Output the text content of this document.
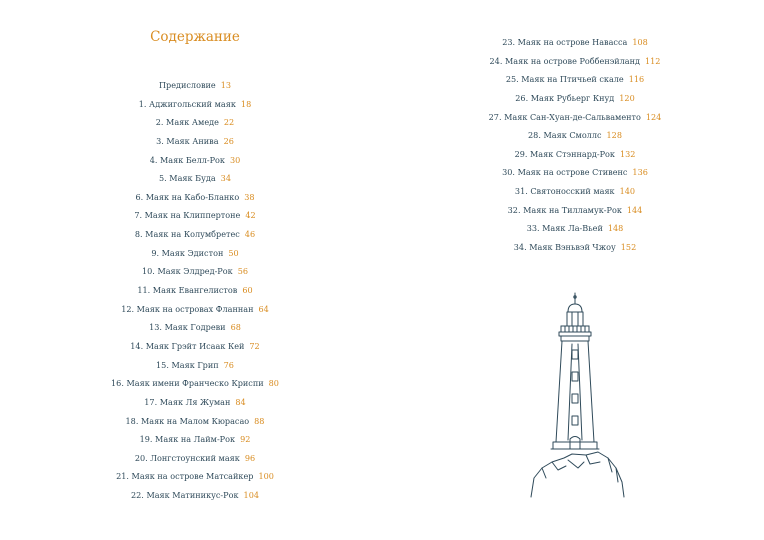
Содержание
Предисловие 13
1. Аджигольский маяк 18
2. Маяк Амеде 22
3. Маяк Анива 26
4. Маяк Белл-Рок 30
5. Маяк Буда 34
6. Маяк на Кабо-Бланко 38
7. Маяк на Клиппертоне 42
8. Маяк на Колумбретес 46
9. Маяк Эдистон 50
10. Маяк Элдред-Рок 56
11. Маяк Евангелистов 60
12. Маяк на островах Фланнан 64
13. Маяк Годреви 68
14. Маяк Грэйт Исаак Кей 72
15. Маяк Грип 76
16. Маяк имени Франческо Криспи 80
17. Маяк Ля Жуман 84
18. Маяк на Малом Кюрасао 88
19. Маяк на Лайм-Рок 92
20. Лонгстоунский маяк 96
21. Маяк на острове Матсайкер 100
22. Маяк Матиникус-Рок 104
23. Маяк на острове Навасса 108
24. Маяк на острове Роббенэйланд 112
25. Маяк на Птичьей скале 116
26. Маяк Рубьерг Кнуд 120
27. Маяк Сан-Хуан-де-Сальваменто 124
28. Маяк Смоллс 128
29. Маяк Стэннард-Рок 132
30. Маяк на острове Стивенс 136
31. Святоносский маяк 140
32. Маяк на Тилламук-Рок 144
33. Маяк Ла-Вьей 148
34. Маяк Вэньвэй Чжоу 152
